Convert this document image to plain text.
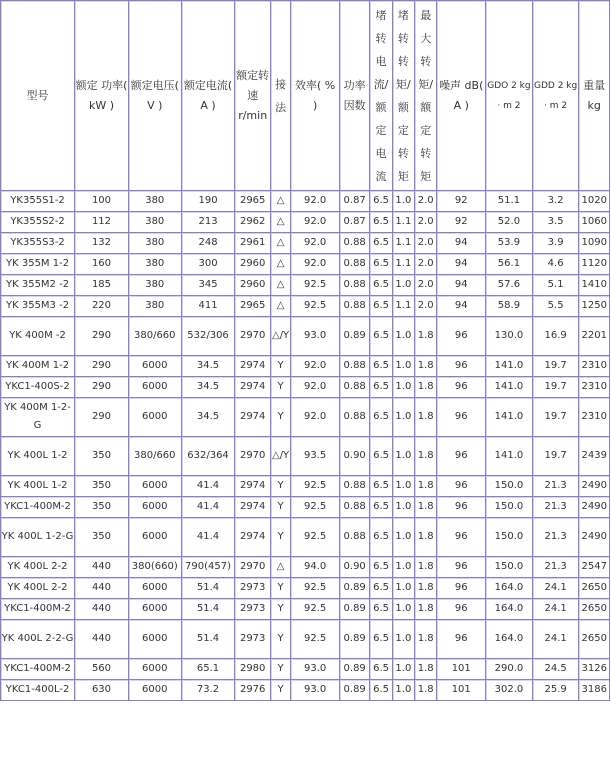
型号	额定 功率( kW )	额定电压( V )	额定电流( A )	额定转速 r/min	接法	效率( % )	功率因数	堵转电流/额定电流	堵转转矩/额定转矩	最大转矩/额定转矩	噪声 dB( A )	GDO 2 kg · m 2	GDD 2 kg · m 2	重量 kg
YK355S1-2	100	380	190	2965	△	92.0	0.87	6.5	1.0	2.0	92	51.1	3.2	1020
YK355S2-2	112	380	213	2962	△	92.0	0.87	6.5	1.1	2.0	92	52.0	3.5	1060
YK355S3-2	132	380	248	2961	△	92.0	0.88	6.5	1.1	2.0	94	53.9	3.9	1090
YK 355M 1-2	160	380	300	2960	△	92.0	0.88	6.5	1.1	2.0	94	56.1	4.6	1120
YK 355M2 -2	185	380	345	2960	△	92.5	0.88	6.5	1.0	2.0	94	57.6	5.1	1410
YK 355M3 -2	220	380	411	2965	△	92.5	0.88	6.5	1.1	2.0	94	58.9	5.5	1250
YK 400M -2	290	380/660	532/306	2970	△/Y	93.0	0.89	6.5	1.0	1.8	96	130.0	16.9	2201
YK 400M 1-2	290	6000	34.5	2974	Y	92.0	0.88	6.5	1.0	1.8	96	141.0	19.7	2310
YKC1-400S-2	290	6000	34.5	2974	Y	92.0	0.88	6.5	1.0	1.8	96	141.0	19.7	2310
YK 400M 1-2-G	290	6000	34.5	2974	Y	92.0	0.88	6.5	1.0	1.8	96	141.0	19.7	2310
YK 400L 1-2	350	380/660	632/364	2970	△/Y	93.5	0.90	6.5	1.0	1.8	96	141.0	19.7	2439
YK 400L 1-2	350	6000	41.4	2974	Y	92.5	0.88	6.5	1.0	1.8	96	150.0	21.3	2490
YKC1-400M-2	350	6000	41.4	2974	Y	92.5	0.88	6.5	1.0	1.8	96	150.0	21.3	2490
YK 400L 1-2-G	350	6000	41.4	2974	Y	92.5	0.88	6.5	1.0	1.8	96	150.0	21.3	2490
YK 400L 2-2	440	380(660)	790(457)	2970	△	94.0	0.90	6.5	1.0	1.8	96	150.0	21.3	2547
YK 400L 2-2	440	6000	51.4	2973	Y	92.5	0.89	6.5	1.0	1.8	96	164.0	24.1	2650
YKC1-400M-2	440	6000	51.4	2973	Y	92.5	0.89	6.5	1.0	1.8	96	164.0	24.1	2650
YK 400L 2-2-G	440	6000	51.4	2973	Y	92.5	0.89	6.5	1.0	1.8	96	164.0	24.1	2650
YKC1-400M-2	560	6000	65.1	2980	Y	93.0	0.89	6.5	1.0	1.8	101	290.0	24.5	3126
YKC1-400L-2	630	6000	73.2	2976	Y	93.0	0.89	6.5	1.0	1.8	101	302.0	25.9	3186
